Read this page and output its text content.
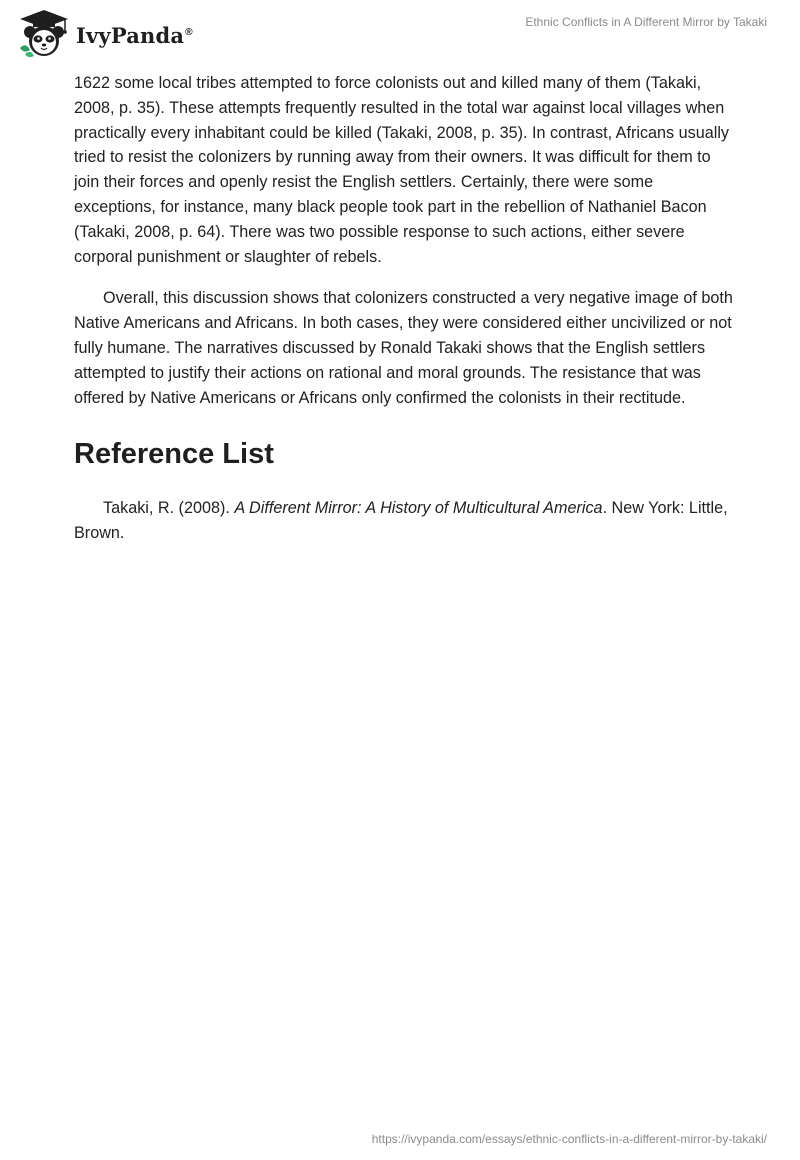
IvyPanda®
Ethnic Conflicts in A Different Mirror by Takaki

1622 some local tribes attempted to force colonists out and killed many of them (Takaki, 2008, p. 35). These attempts frequently resulted in the total war against local villages when practically every inhabitant could be killed (Takaki, 2008, p. 35). In contrast, Africans usually tried to resist the colonizers by running away from their owners. It was difficult for them to join their forces and openly resist the English settlers. Certainly, there were some exceptions, for instance, many black people took part in the rebellion of Nathaniel Bacon (Takaki, 2008, p. 64). There was two possible response to such actions, either severe corporal punishment or slaughter of rebels.

Overall, this discussion shows that colonizers constructed a very negative image of both Native Americans and Africans. In both cases, they were considered either uncivilized or not fully humane. The narratives discussed by Ronald Takaki shows that the English settlers attempted to justify their actions on rational and moral grounds. The resistance that was offered by Native Americans or Africans only confirmed the colonists in their rectitude.

Reference List

Takaki, R. (2008). A Different Mirror: A History of Multicultural America. New York: Little, Brown.

https://ivypanda.com/essays/ethnic-conflicts-in-a-different-mirror-by-takaki/
